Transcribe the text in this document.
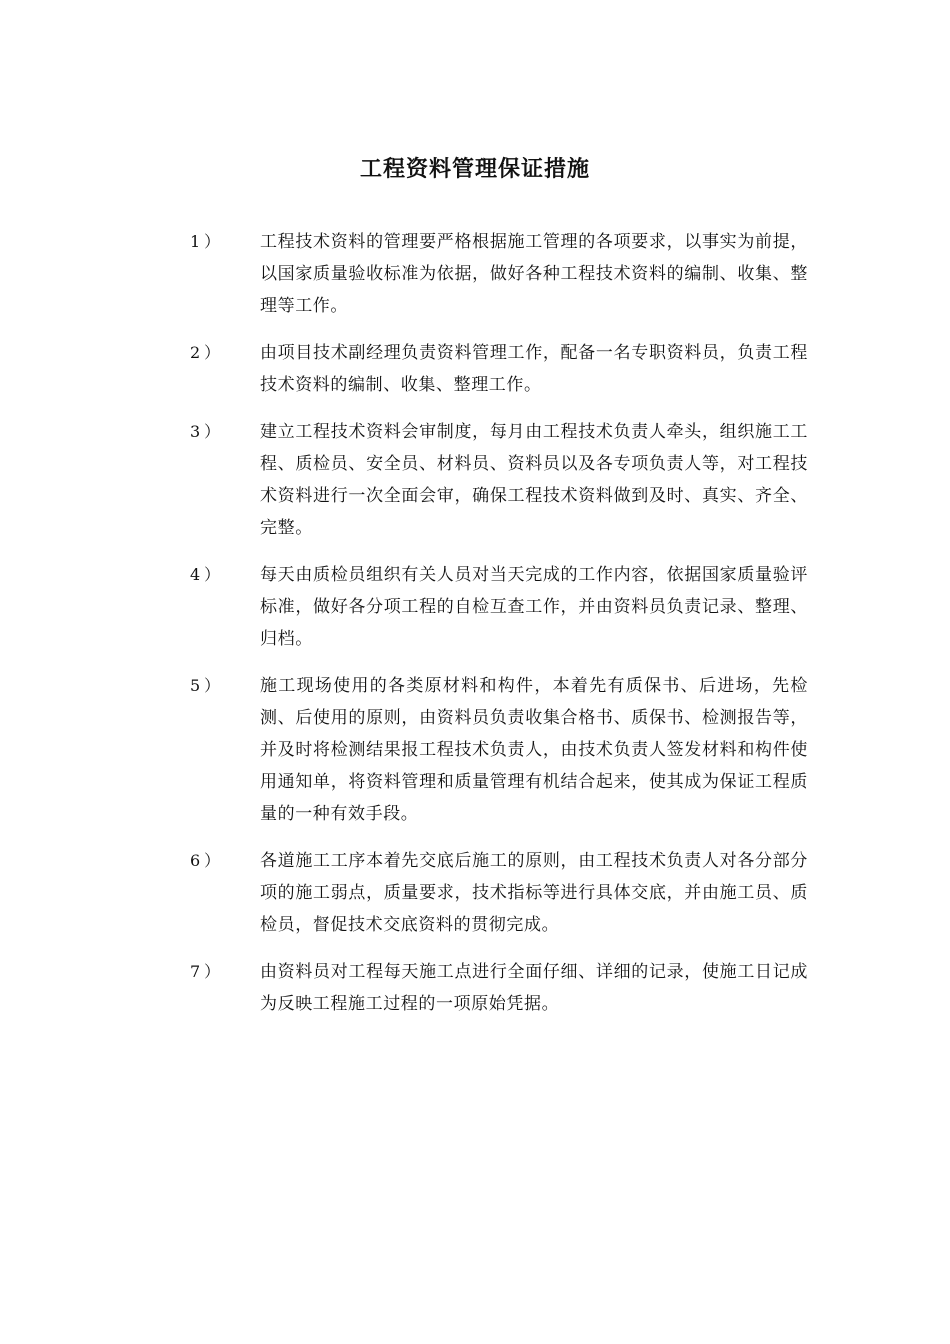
工程资料管理保证措施
1）	工程技术资料的管理要严格根据施工管理的各项要求，以事实为前提，以国家质量验收标准为依据，做好各种工程技术资料的编制、收集、整理等工作。
2）	由项目技术副经理负责资料管理工作，配备一名专职资料员，负责工程技术资料的编制、收集、整理工作。
3）	建立工程技术资料会审制度，每月由工程技术负责人牵头，组织施工工程、质检员、安全员、材料员、资料员以及各专项负责人等，对工程技术资料进行一次全面会审，确保工程技术资料做到及时、真实、齐全、完整。
4）	每天由质检员组织有关人员对当天完成的工作内容，依据国家质量验评标准，做好各分项工程的自检互查工作，并由资料员负责记录、整理、归档。
5）	施工现场使用的各类原材料和构件，本着先有质保书、后进场，先检测、后使用的原则，由资料员负责收集合格书、质保书、检测报告等，并及时将检测结果报工程技术负责人，由技术负责人签发材料和构件使用通知单，将资料管理和质量管理有机结合起来，使其成为保证工程质量的一种有效手段。
6）	各道施工工序本着先交底后施工的原则，由工程技术负责人对各分部分项的施工弱点，质量要求，技术指标等进行具体交底，并由施工员、质检员，督促技术交底资料的贯彻完成。
7）	由资料员对工程每天施工点进行全面仔细、详细的记录，使施工日记成为反映工程施工过程的一项原始凭据。
